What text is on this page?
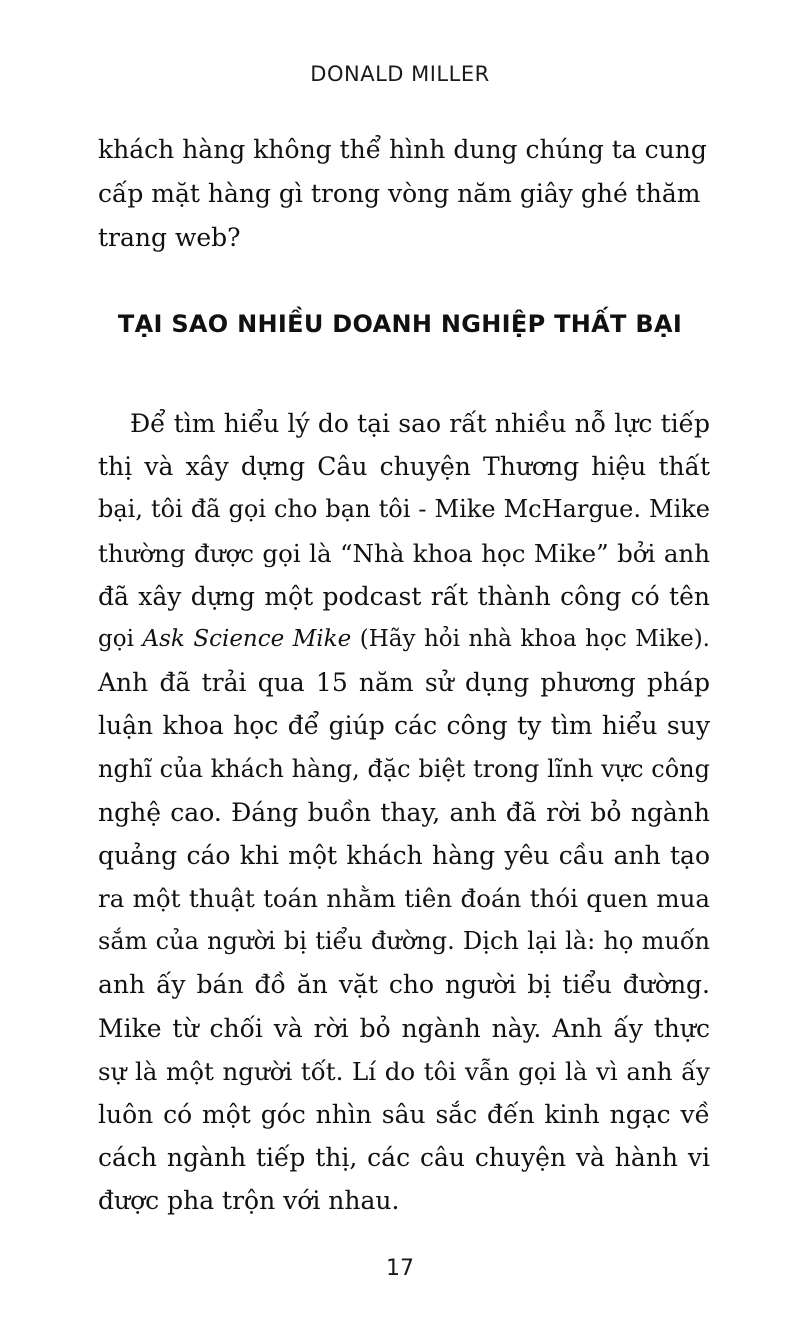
DONALD MILLER
khách hàng không thể hình dung chúng ta cung
cấp mặt hàng gì trong vòng năm giây ghé thăm
trang web?
TẠI SAO NHIỀU DOANH NGHIỆP THẤT BẠI
Để tìm hiểu lý do tại sao rất nhiều nỗ lực tiếp
thị và xây dựng Câu chuyện Thương hiệu thất
bại, tôi đã gọi cho bạn tôi - Mike McHargue. Mike
thường được gọi là “Nhà khoa học Mike” bởi anh
đã xây dựng một podcast rất thành công có tên
gọi Ask Science Mike (Hãy hỏi nhà khoa học Mike).
Anh đã trải qua 15 năm sử dụng phương pháp
luận khoa học để giúp các công ty tìm hiểu suy
nghĩ của khách hàng, đặc biệt trong lĩnh vực công
nghệ cao. Đáng buồn thay, anh đã rời bỏ ngành
quảng cáo khi một khách hàng yêu cầu anh tạo
ra một thuật toán nhằm tiên đoán thói quen mua
sắm của người bị tiểu đường. Dịch lại là: họ muốn
anh ấy bán đồ ăn vặt cho người bị tiểu đường.
Mike từ chối và rời bỏ ngành này. Anh ấy thực
sự là một người tốt. Lí do tôi vẫn gọi là vì anh ấy
luôn có một góc nhìn sâu sắc đến kinh ngạc về
cách ngành tiếp thị, các câu chuyện và hành vi
được pha trộn với nhau.
17
